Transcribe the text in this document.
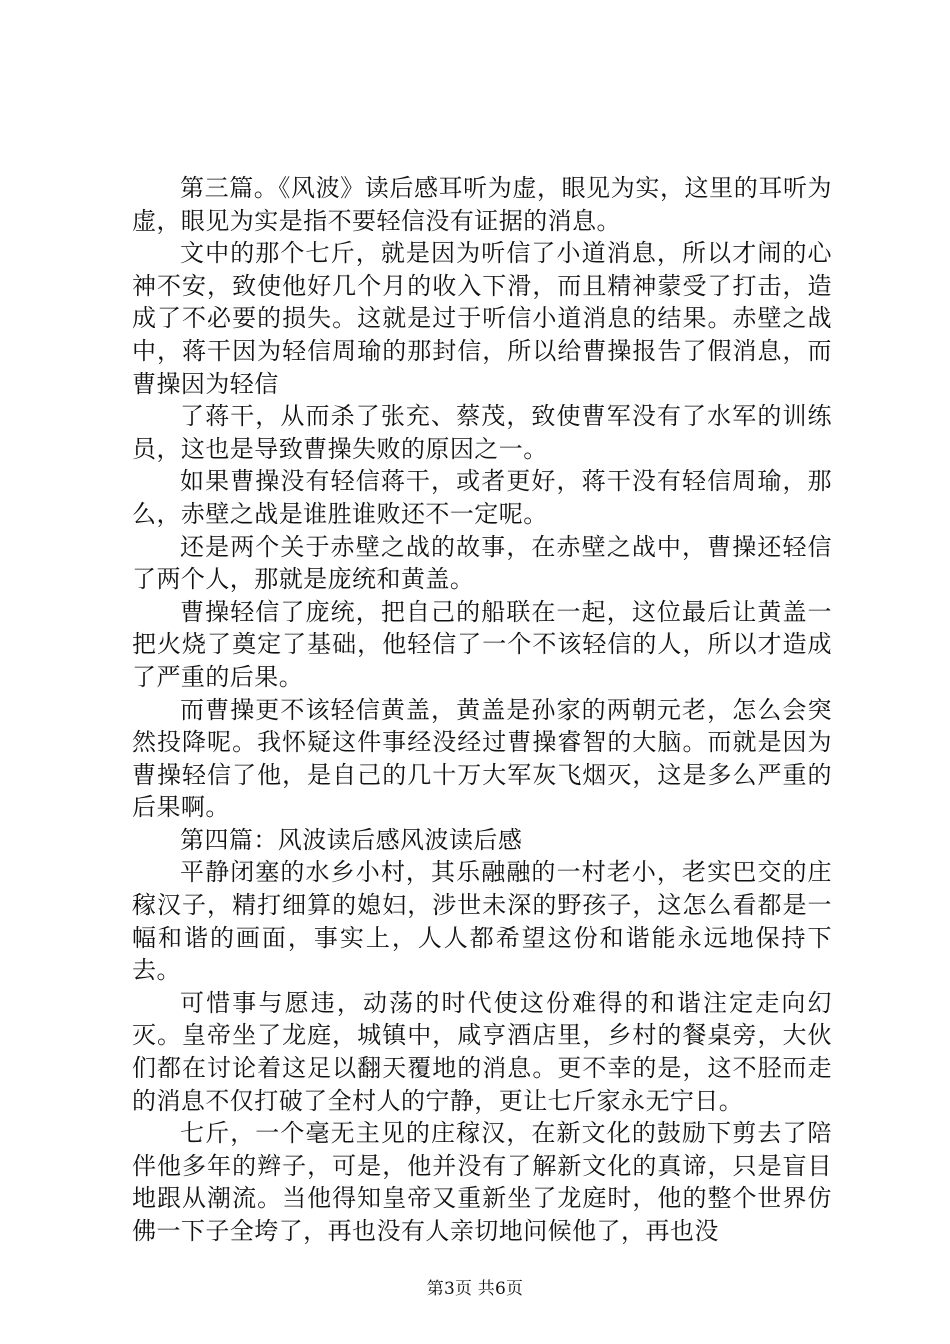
第三篇。《风波》读后感耳听为虚，眼见为实，这里的耳听为虚，眼见为实是指不要轻信没有证据的消息。

文中的那个七斤，就是因为听信了小道消息，所以才闹的心神不安，致使他好几个月的收入下滑，而且精神蒙受了打击，造成了不必要的损失。这就是过于听信小道消息的结果。赤壁之战中，蒋干因为轻信周瑜的那封信，所以给曹操报告了假消息，而曹操因为轻信

了蒋干，从而杀了张充、蔡茂，致使曹军没有了水军的训练员，这也是导致曹操失败的原因之一。

如果曹操没有轻信蒋干，或者更好，蒋干没有轻信周瑜，那么，赤壁之战是谁胜谁败还不一定呢。

还是两个关于赤壁之战的故事，在赤壁之战中，曹操还轻信了两个人，那就是庞统和黄盖。

曹操轻信了庞统，把自己的船联在一起，这位最后让黄盖一把火烧了奠定了基础，他轻信了一个不该轻信的人，所以才造成了严重的后果。

而曹操更不该轻信黄盖，黄盖是孙家的两朝元老，怎么会突然投降呢。我怀疑这件事经没经过曹操睿智的大脑。而就是因为曹操轻信了他，是自己的几十万大军灰飞烟灭，这是多么严重的后果啊。

第四篇：风波读后感风波读后感

平静闭塞的水乡小村，其乐融融的一村老小，老实巴交的庄稼汉子，精打细算的媳妇，涉世未深的野孩子，这怎么看都是一幅和谐的画面，事实上，人人都希望这份和谐能永远地保持下去。

可惜事与愿违，动荡的时代使这份难得的和谐注定走向幻灭。皇帝坐了龙庭，城镇中，咸亨酒店里，乡村的餐桌旁，大伙们都在讨论着这足以翻天覆地的消息。更不幸的是，这不胫而走的消息不仅打破了全村人的宁静，更让七斤家永无宁日。

七斤，一个毫无主见的庄稼汉，在新文化的鼓励下剪去了陪伴他多年的辫子，可是，他并没有了解新文化的真谛，只是盲目地跟从潮流。当他得知皇帝又重新坐了龙庭时，他的整个世界仿佛一下子全垮了，再也没有人亲切地问候他了，再也没

第3页 共6页
